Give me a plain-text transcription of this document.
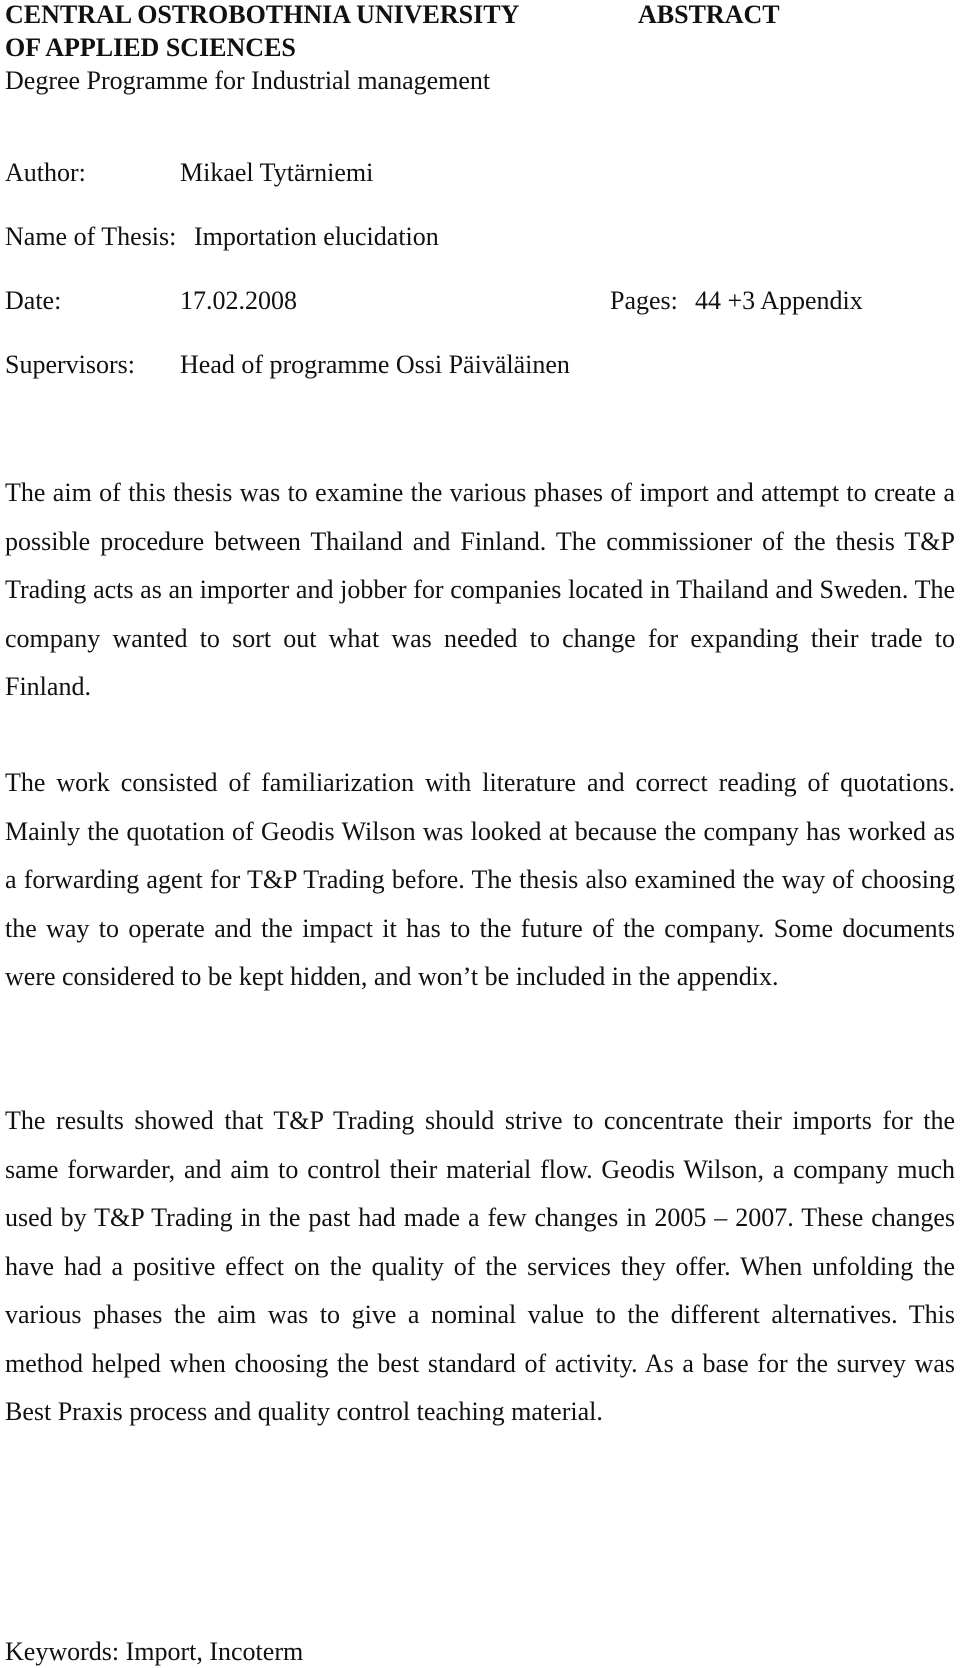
CENTRAL OSTROBOTHNIA UNIVERSITY
OF APPLIED SCIENCES
Degree Programme for Industrial management
ABSTRACT
Author:	Mikael Tytärniemi
Name of Thesis: Importation elucidation
Date:	17.02.2008	Pages: 44 +3 Appendix
Supervisors: Head of programme Ossi Päiväläinen

The aim of this thesis was to examine the various phases of import and attempt to create a possible procedure between Thailand and Finland. The commissioner of the thesis T&P Trading acts as an importer and jobber for companies located in Thailand and Sweden. The company wanted to sort out what was needed to change for expanding their trade to Finland.

The work consisted of familiarization with literature and correct reading of quotations. Mainly the quotation of Geodis Wilson was looked at because the company has worked as a forwarding agent for T&P Trading before. The thesis also examined the way of choosing the way to operate and the impact it has to the future of the company. Some documents were considered to be kept hidden, and won’t be included in the appendix.

The results showed that T&P Trading should strive to concentrate their imports for the same forwarder, and aim to control their material flow. Geodis Wilson, a company much used by T&P Trading in the past had made a few changes in 2005 – 2007. These changes have had a positive effect on the quality of the services they offer. When unfolding the various phases the aim was to give a nominal value to the different alternatives. This method helped when choosing the best standard of activity. As a base for the survey was Best Praxis process and quality control teaching material.

Keywords: Import, Incoterm
